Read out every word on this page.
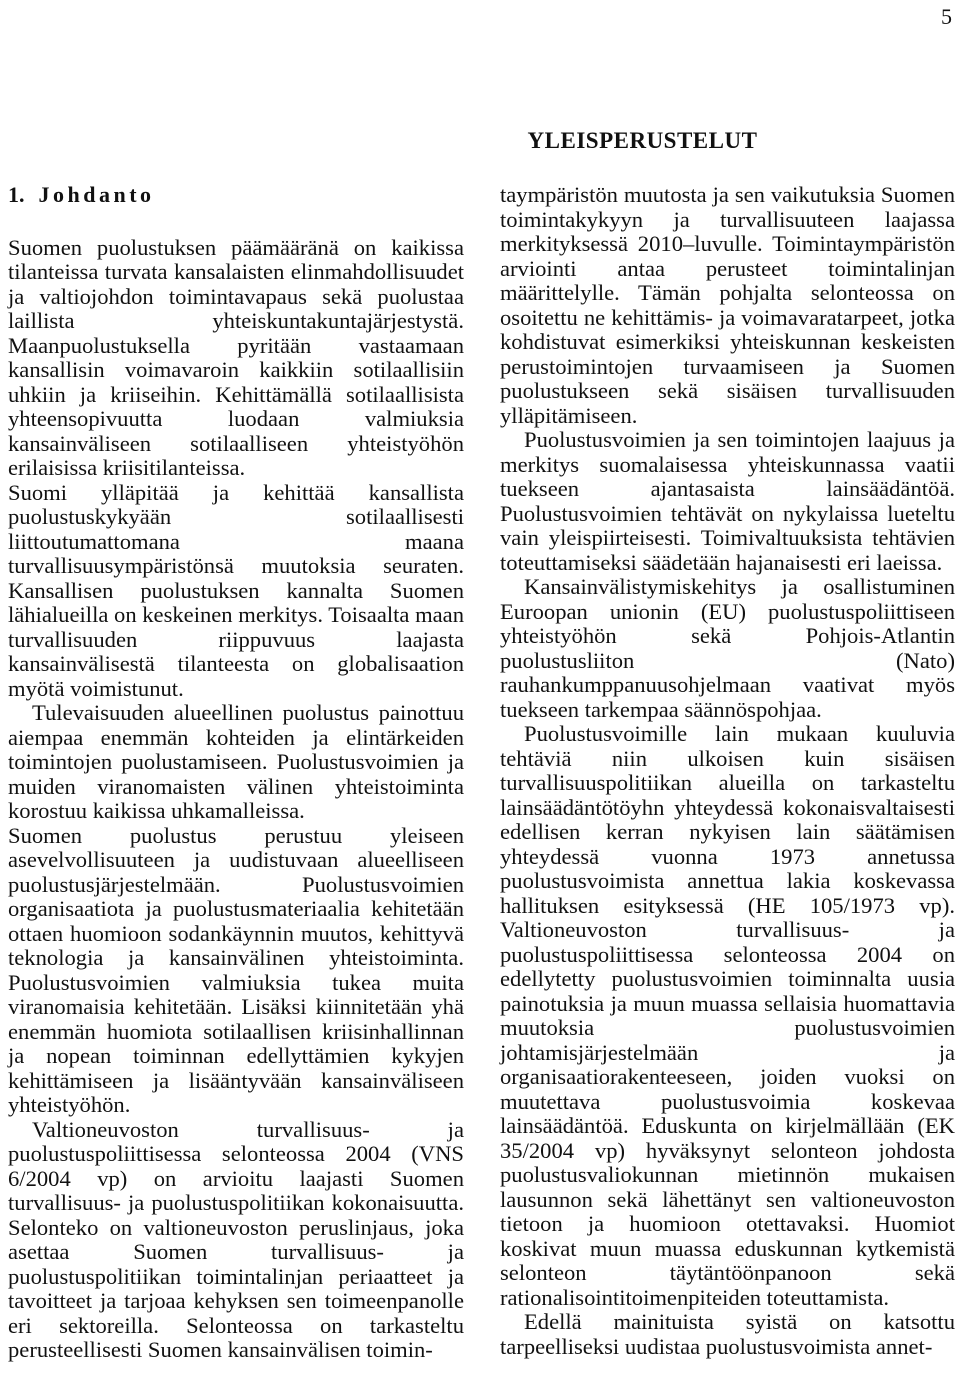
5
YLEISPERUSTELUT
1. Johdanto

Suomen puolustuksen päämääränä on kaikissa tilanteissa turvata kansalaisten elinmahdollisuudet ja valtiojohdon toimintavapaus sekä puolustaa laillista yhteiskuntakuntajärjestystä. Maanpuolustuksella pyritään vastaamaan kansallisin voimavaroin kaikkiin sotilaallisiin uhkiin ja kriiseihin. Kehittämällä sotilaallisista yhteensopivuutta luodaan valmiuksia kansainväliseen sotilaalliseen yhteistyöhön erilaisissa kriisitilanteissa.

Suomi ylläpitää ja kehittää kansallista puolustuskykyään sotilaallisesti liittoutumattomana maana turvallisuusympäristönsä muutoksia seuraten. Kansallisen puolustuksen kannalta Suomen lähialueilla on keskeinen merkitys. Toisaalta maan turvallisuuden riippuvuus laajasta kansainvälisestä tilanteesta on globalisaation myötä voimistunut.

Tulevaisuuden alueellinen puolustus painottuu aiempaa enemmän kohteiden ja elintärkeiden toimintojen puolustamiseen. Puolustusvoimien ja muiden viranomaisten välinen yhteistoiminta korostuu kaikissa uhkamalleissa.

Suomen puolustus perustuu yleiseen asevelvollisuuteen ja uudistuvaan alueelliseen puolustusjärjestelmään. Puolustusvoimien organisaatiota ja puolustusmateriaalia kehitetään ottaen huomioon sodankäynnin muutos, kehittyvä teknologia ja kansainvälinen yhteistoiminta. Puolustusvoimien valmiuksia tukea muita viranomaisia kehitetään. Lisäksi kiinnitetään yhä enemmän huomiota sotilaallisen kriisinhallinnan ja nopean toiminnan edellyttämien kykyjen kehittämiseen ja lisääntyvään kansainväliseen yhteistyöhön.

Valtioneuvoston turvallisuus- ja puolustuspoliittisessa selonteossa 2004 (VNS 6/2004 vp) on arvioitu laajasti Suomen turvallisuus- ja puolustuspolitiikan kokonaisuutta. Selonteko on valtioneuvoston peruslinjaus, joka asettaa Suomen turvallisuus- ja puolustuspolitiikan toimintalinjan periaatteet ja tavoitteet ja tarjoaa kehyksen sen toimeenpanolle eri sektoreilla. Selonteossa on tarkasteltu perusteellisesti Suomen kansainvälisen toimin-

taympäristön muutosta ja sen vaikutuksia Suomen toimintakykyyn ja turvallisuuteen laajassa merkityksessä 2010–luvulle. Toimintaympäristön arviointi antaa perusteet toimintalinjan määrittelylle. Tämän pohjalta selonteossa on osoitettu ne kehittämis- ja voimavaratarpeet, jotka kohdistuvat esimerkiksi yhteiskunnan keskeisten perustoimintojen turvaamiseen ja Suomen puolustukseen sekä sisäisen turvallisuuden ylläpitämiseen.

Puolustusvoimien ja sen toimintojen laajuus ja merkitys suomalaisessa yhteiskunnassa vaatii tuekseen ajantasaista lainsäädäntöä. Puolustusvoimien tehtävät on nykylaissa lueteltu vain yleispiirteisesti. Toimivaltuuksista tehtävien toteuttamiseksi säädetään hajanaisesti eri laeissa.

Kansainvälistymiskehitys ja osallistuminen Euroopan unionin (EU) puolustuspoliittiseen yhteistyöhön sekä Pohjois-Atlantin puolustusliiton (Nato) rauhankumppanuusohjelmaan vaativat myös tuekseen tarkempaa säännöspohjaa.

Puolustusvoimille lain mukaan kuuluvia tehtäviä niin ulkoisen kuin sisäisen turvallisuuspolitiikan alueilla on tarkasteltu lainsäädäntötöyhn yhteydessä kokonaisvaltaisesti edellisen kerran nykyisen lain säätämisen yhteydessä vuonna 1973 annetussa puolustusvoimista annettua lakia koskevassa hallituksen esityksessä (HE 105/1973 vp). Valtioneuvoston turvallisuus- ja puolustuspoliittisessa selonteossa 2004 on edellytetty puolustusvoimien toiminnalta uusia painotuksia ja muun muassa sellaisia huomattavia muutoksia puolustusvoimien johtamisjärjestelmään ja organisaatiorakenteeseen, joiden vuoksi on muutettava puolustusvoimia koskevaa lainsäädäntöä. Eduskunta on kirjelmällään (EK 35/2004 vp) hyväksynyt selonteon johdosta puolustusvaliokunnan mietinnön mukaisen lausunnon sekä lähettänyt sen valtioneuvoston tietoon ja huomioon otettavaksi. Huomiot koskivat muun muassa eduskunnan kytkemistä selonteon täytäntöönpanoon sekä rationalisointitoimenpiteiden toteuttamista.

Edellä mainituista syistä on katsottu tarpeelliseksi uudistaa puolustusvoimista annet-
